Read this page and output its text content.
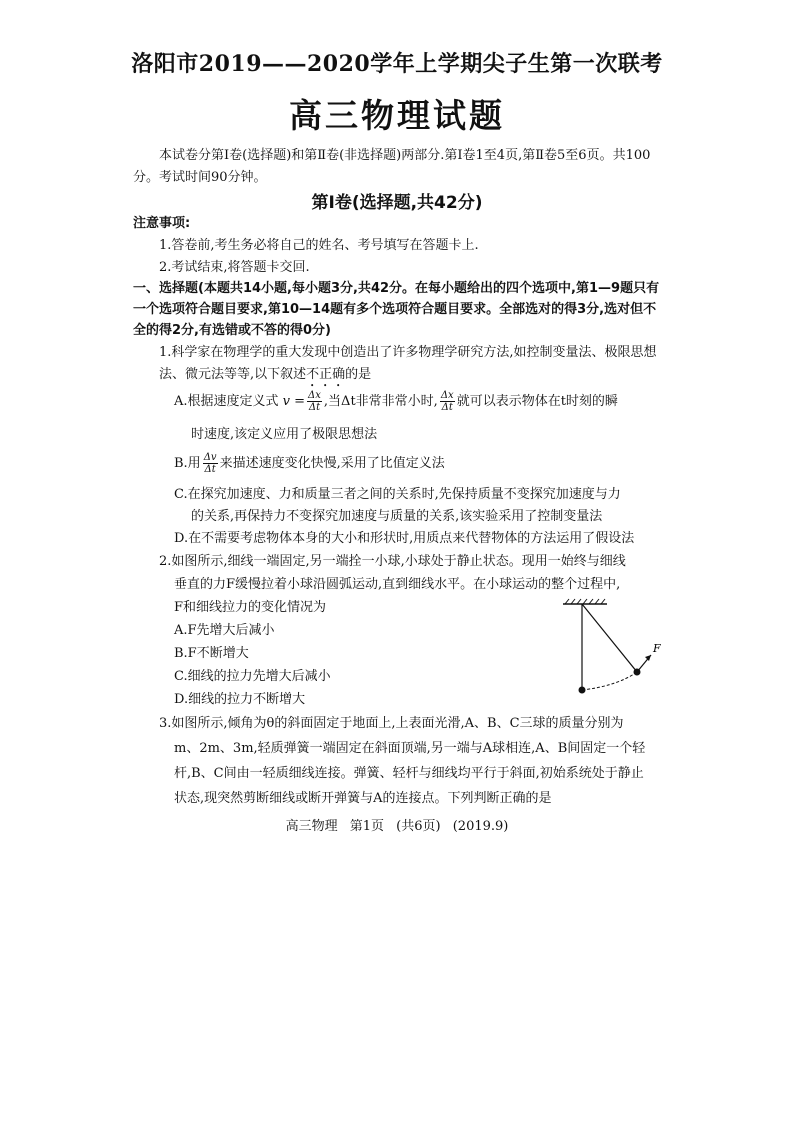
洛阳市2019——2020学年上学期尖子生第一次联考
高三物理试题
本试卷分第Ⅰ卷(选择题)和第Ⅱ卷(非选择题)两部分.第Ⅰ卷1至4页,第Ⅱ卷5至6页。共100分。考试时间90分钟。
第Ⅰ卷(选择题,共42分)
注意事项:
1.答卷前,考生务必将自己的姓名、考号填写在答题卡上.
2.考试结束,将答题卡交回.
一、选择题(本题共14小题,每小题3分,共42分。在每小题给出的四个选项中,第1—9题只有一个选项符合题目要求,第10—14题有多个选项符合题目要求。全部选对的得3分,选对但不全的得2分,有选错或不答的得0分)
1.科学家在物理学的重大发现中创造出了许多物理学研究方法,如控制变量法、极限思想法、微元法等等,以下叙述不正确的是
A.根据速度定义式 $v = \frac{\Delta x}{\Delta t}$ ,当Δt非常非常小时, $\frac{\Delta x}{\Delta t}$ 就可以表示物体在t时刻的瞬
时速度,该定义应用了极限思想法
B.用 $\frac{\Delta v}{\Delta t}$ 来描述速度变化快慢,采用了比值定义法
C.在探究加速度、力和质量三者之间的关系时,先保持质量不变探究加速度与力
的关系,再保持力不变探究加速度与质量的关系,该实验采用了控制变量法
D.在不需要考虑物体本身的大小和形状时,用质点来代替物体的方法运用了假设法
2.如图所示,细线一端固定,另一端拴一小球,小球处于静止状态。现用一始终与细线
垂直的力F缓慢拉着小球沿圆弧运动,直到细线水平。在小球运动的整个过程中,
F和细线拉力的变化情况为
A.F先增大后减小
B.F不断增大
C.细线的拉力先增大后减小
D.细线的拉力不断增大
F
3.如图所示,倾角为θ的斜面固定于地面上,上表面光滑,A、B、C三球的质量分别为
m、2m、3m,轻质弹簧一端固定在斜面顶端,另一端与A球相连,A、B间固定一个轻
杆,B、C间由一轻质细线连接。弹簧、轻杆与细线均平行于斜面,初始系统处于静止
状态,现突然剪断细线或断开弹簧与A的连接点。下列判断正确的是
高三物理 第1页 (共6页) (2019.9)
